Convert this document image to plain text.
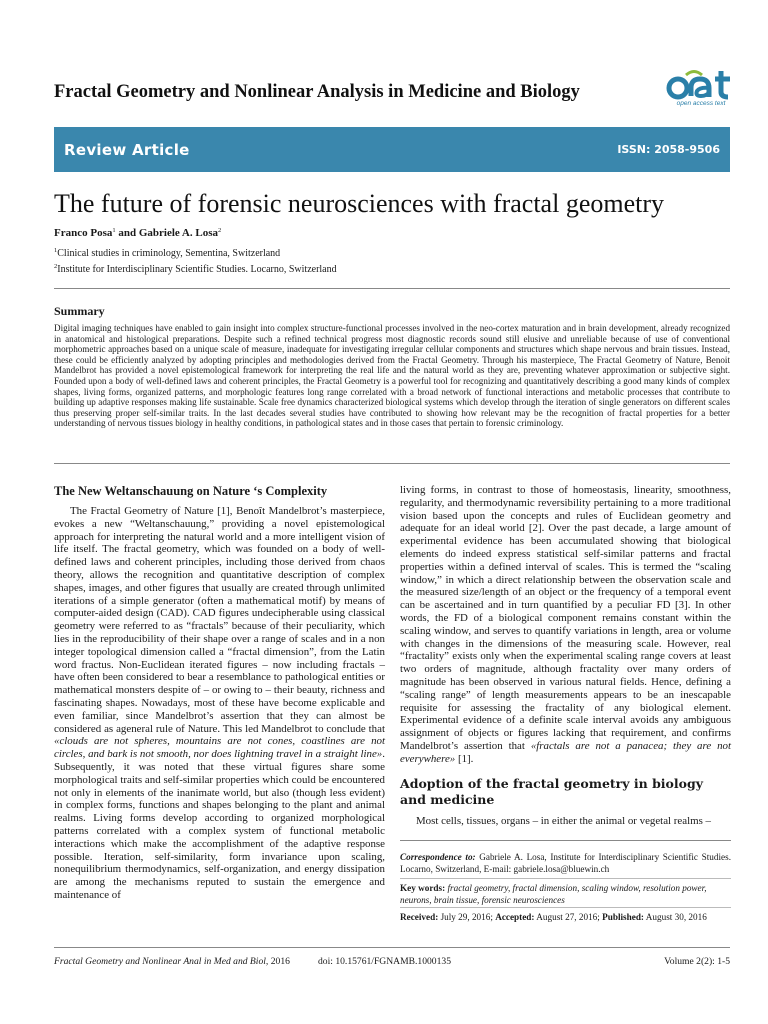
Fractal Geometry and Nonlinear Analysis in Medicine and Biology
open access text
Review Article	ISSN: 2058-9506
The future of forensic neurosciences with fractal geometry
Franco Posa$^1$ and Gabriele A. Losa$^2$
$^1$Clinical studies in criminology, Sementina, Switzerland
$^2$Institute for Interdisciplinary Scientific Studies. Locarno, Switzerland
Summary

Digital imaging techniques have enabled to gain insight into complex structure-functional processes involved in the neo-cortex maturation and in brain development, already recognized in anatomical and histological preparations. Despite such a refined technical progress most diagnostic records sound still elusive and unreliable because of use of conventional morphometric approaches based on a unique scale of measure, inadequate for investigating irregular cellular components and structures which shape nervous and brain tissues. Instead, these could be efficiently analyzed by adopting principles and methodologies derived from the Fractal Geometry. Through his masterpiece, The Fractal Geometry of Nature, Benoit Mandelbrot has provided a novel epistemological framework for interpreting the real life and the natural world as they are, preventing whatever approximation or subjective sight. Founded upon a body of well-defined laws and coherent principles, the Fractal Geometry is a powerful tool for recognizing and quantitatively describing a good many kinds of complex shapes, living forms, organized patterns, and morphologic features long range correlated with a broad network of functional interactions and metabolic processes that contribute to building up adaptive responses making life sustainable. Scale free dynamics characterized biological systems which develop through the iteration of single generators on different scales thus preserving proper self-similar traits. In the last decades several studies have contributed to showing how relevant may be the recognition of fractal properties for a better understanding of nervous tissues biology in healthy conditions, in pathological states and in those cases that pertain to forensic criminology.

The New Weltanschauung on Nature ‘s Complexity

The Fractal Geometry of Nature [1], Benoît Mandelbrot’s masterpiece, evokes a new “Weltanschauung,” providing a novel epistemological approach for interpreting the natural world and a more intelligent vision of life itself. The fractal geometry, which was founded on a body of well-defined laws and coherent principles, including those derived from chaos theory, allows the recognition and quantitative description of complex shapes, images, and other figures that usually are created through unlimited iterations of a simple generator (often a mathematical motif) by means of computer-aided design (CAD). CAD figures undecipherable using classical geometry were referred to as “fractals” because of their peculiarity, which lies in the reproducibility of their shape over a range of scales and in a non integer topological dimension called a “fractal dimension”, from the Latin word fractus. Non-Euclidean iterated figures – now including fractals – have often been considered to bear a resemblance to pathological entities or mathematical monsters despite of – or owing to – their beauty, richness and fascinating shapes. Nowadays, most of these have become explicable and even familiar, since Mandelbrot’s assertion that they can almost be considered as ageneral rule of Nature. This led Mandelbrot to conclude that «clouds are not spheres, mountains are not cones, coastlines are not circles, and bark is not smooth, nor does lightning travel in a straight line». Subsequently, it was noted that these virtual figures share some morphological traits and self-similar properties which could be encountered not only in elements of the inanimate world, but also (though less evident) in complex forms, functions and shapes belonging to the plant and animal realms. Living forms develop according to organized morphological patterns correlated with a complex system of functional metabolic interactions which make the accomplishment of the adaptive response possible. Iteration, self-similarity, form invariance upon scaling, nonequilibrium thermodynamics, self-organization, and energy dissipation are among the mechanisms reputed to sustain the emergence and maintenance of

living forms, in contrast to those of homeostasis, linearity, smoothness, regularity, and thermodynamic reversibility pertaining to a more traditional vision based upon the concepts and rules of Euclidean geometry and adequate for an ideal world [2]. Over the past decade, a large amount of experimental evidence has been accumulated showing that biological elements do indeed express statistical self-similar patterns and fractal properties within a defined interval of scales. This is termed the “scaling window,” in which a direct relationship between the observation scale and the measured size/length of an object or the frequency of a temporal event can be ascertained and in turn quantified by a peculiar FD [3]. In other words, the FD of a biological component remains constant within the scaling window, and serves to quantify variations in length, area or volume with changes in the dimensions of the measuring scale. However, real “fractality” exists only when the experimental scaling range covers at least two orders of magnitude, although fractality over many orders of magnitude has been observed in various natural fields. Hence, defining a “scaling range” of length measurements appears to be an inescapable requisite for assessing the fractality of any biological element. Experimental evidence of a definite scale interval avoids any ambiguous assignment of objects or figures lacking that requirement, and confirms Mandelbrot’s assertion that «fractals are not a panacea; they are not everywhere» [1].

Adoption of the fractal geometry in biology and medicine
Most cells, tissues, organs – in either the animal or vegetal realms –
Correspondence to: Gabriele A. Losa, Institute for Interdisciplinary Scientific Studies. Locarno, Switzerland, E-mail: gabriele.losa@bluewin.ch
Key words: fractal geometry, fractal dimension, scaling window, resolution power, neurons, brain tissue, forensic neurosciences
Received: July 29, 2016; Accepted: August 27, 2016; Published: August 30, 2016
Fractal Geometry and Nonlinear Anal in Med and Biol, 2016	doi: 10.15761/FGNAMB.1000135	Volume 2(2): 1-5
